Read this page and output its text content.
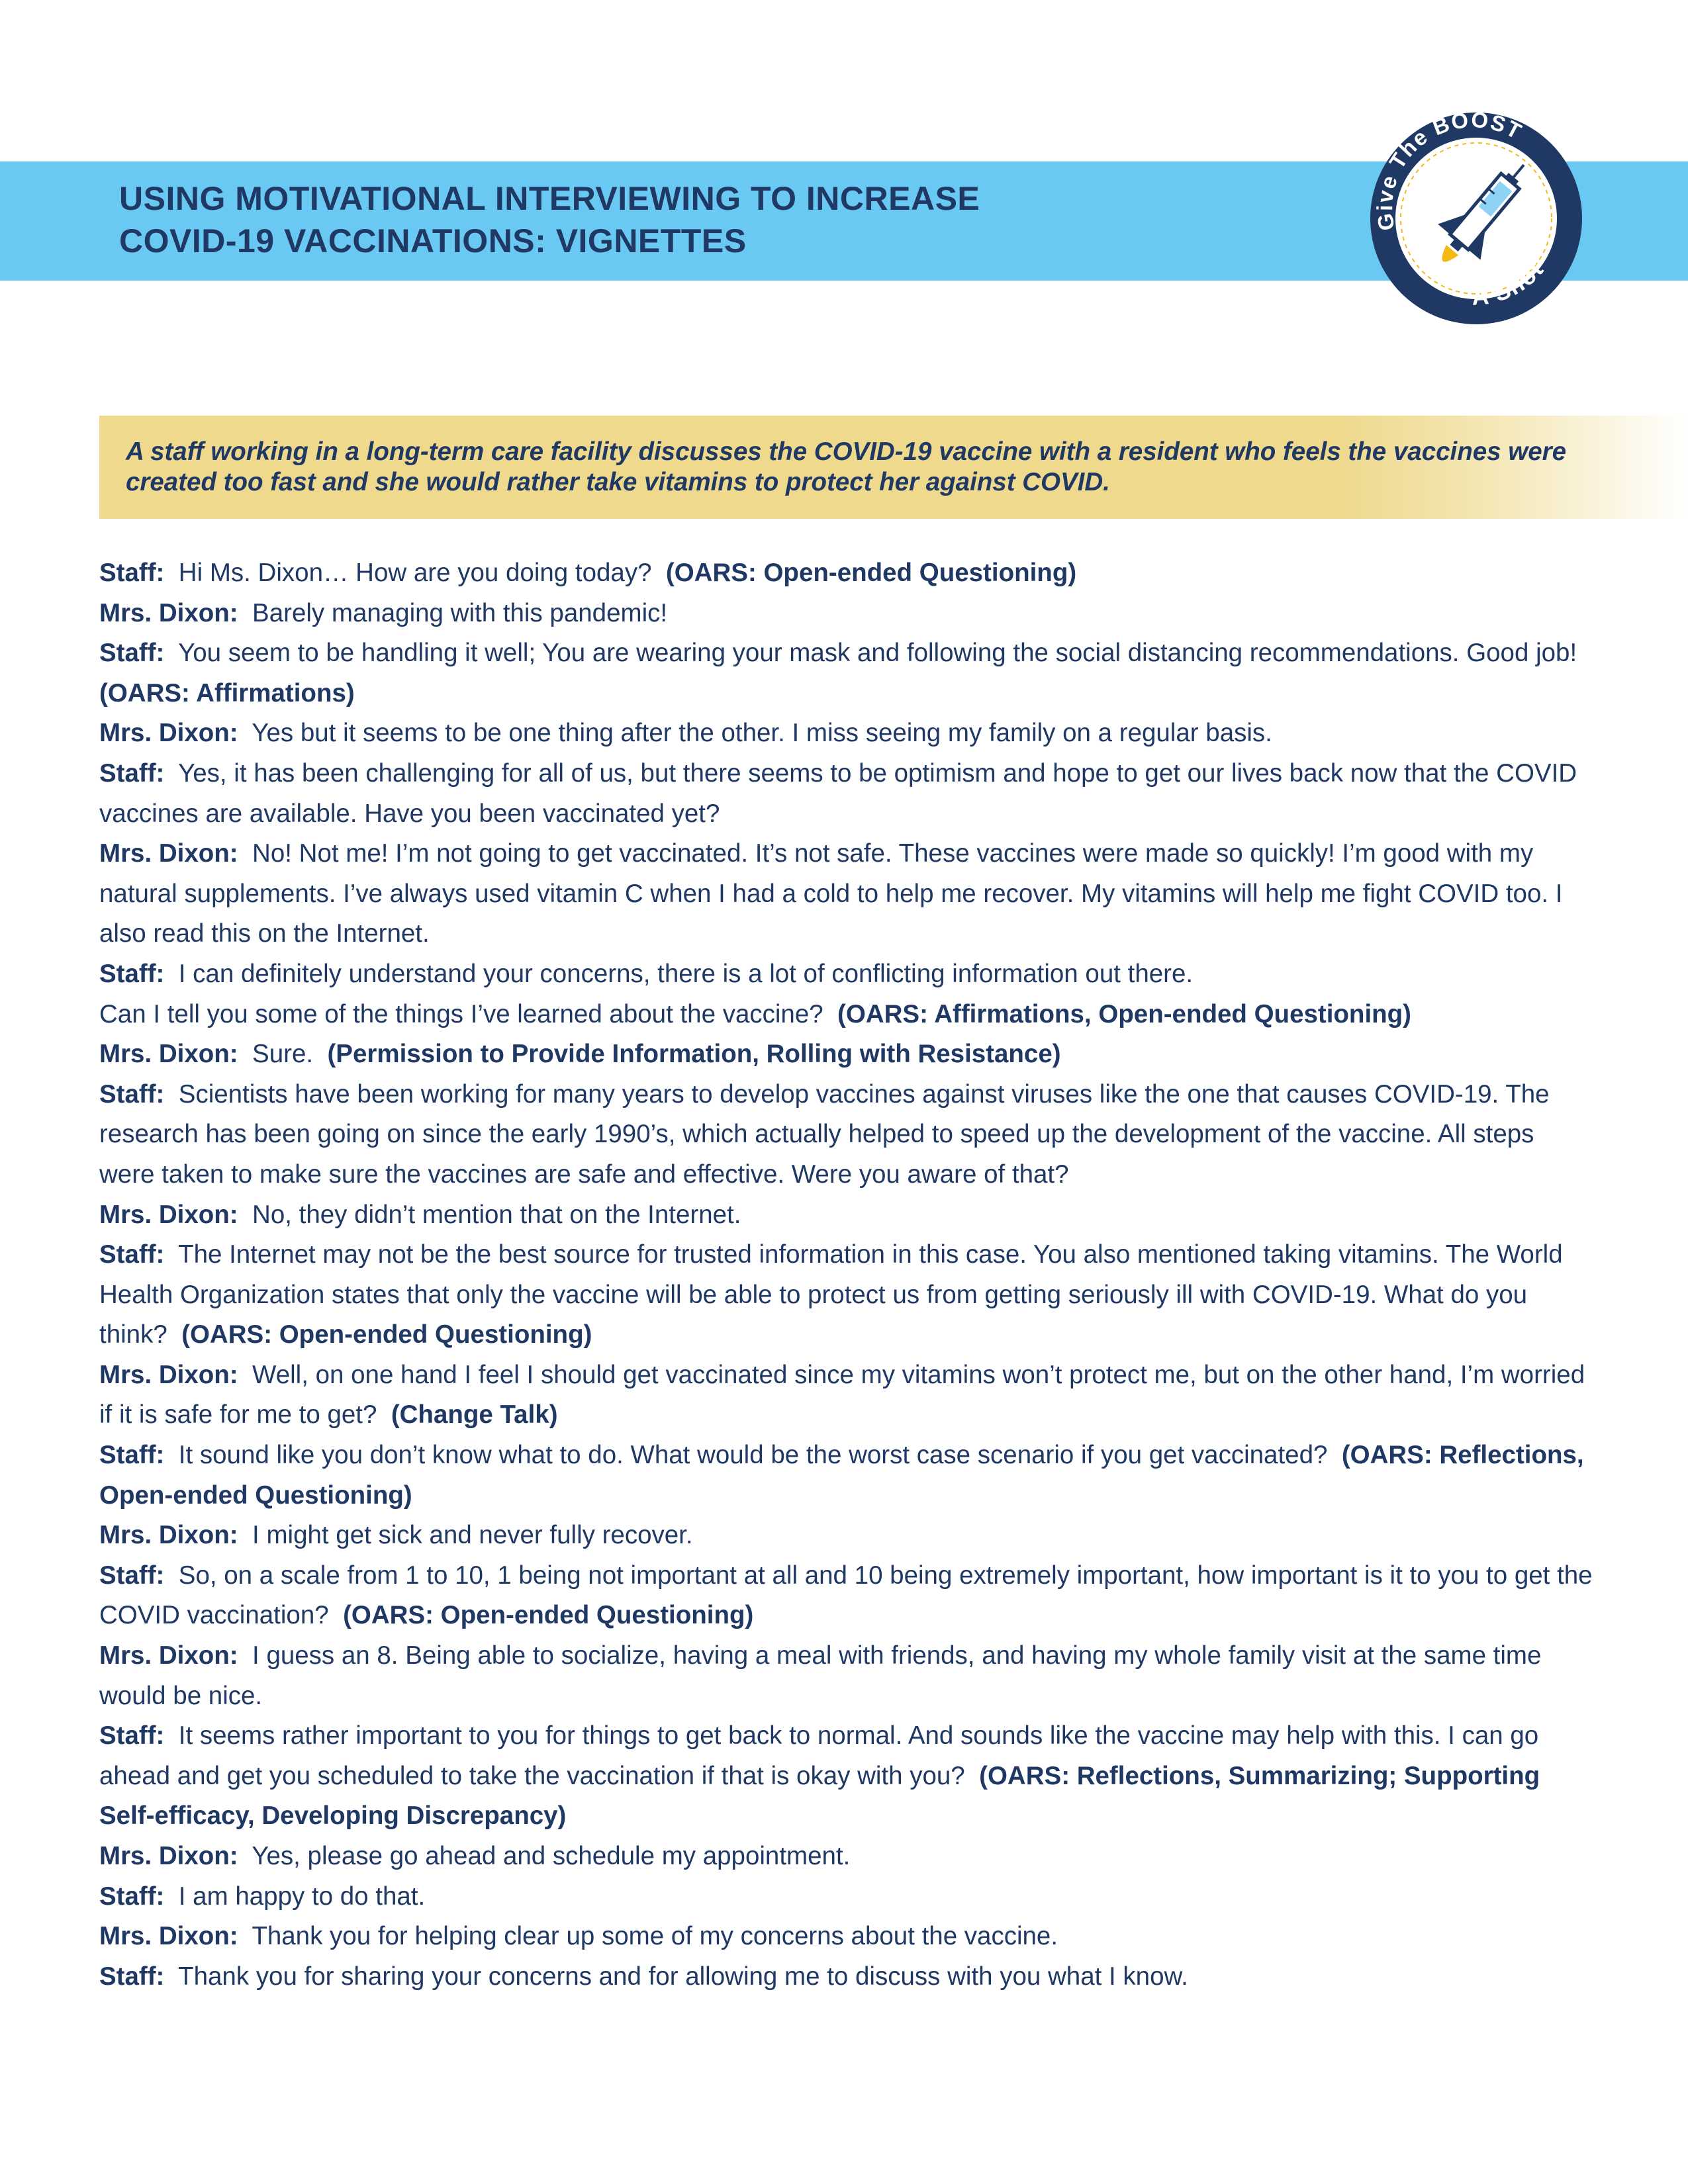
USING MOTIVATIONAL INTERVIEWING TO INCREASE
COVID-19 VACCINATIONS: VIGNETTES
Give The BOOST
A Shot
A staff working in a long-term care facility discusses the COVID-19 vaccine with a resident who feels the vaccines were created too fast and she would rather take vitamins to protect her against COVID.

Staff: Hi Ms. Dixon… How are you doing today? (OARS: Open-ended Questioning)

Mrs. Dixon: Barely managing with this pandemic!

Staff: You seem to be handling it well; You are wearing your mask and following the social distancing recommendations. Good job!  (OARS: Affirmations)

Mrs. Dixon: Yes but it seems to be one thing after the other. I miss seeing my family on a regular basis.

Staff: Yes, it has been challenging for all of us, but there seems to be optimism and hope to get our lives back now that the COVID vaccines are available. Have you been vaccinated yet?

Mrs. Dixon: No! Not me! I’m not going to get vaccinated. It’s not safe. These vaccines were made so quickly! I’m good with my natural supplements. I’ve always used vitamin C when I had a cold to help me recover. My vitamins will help me fight COVID too. I also read this on the Internet.

Staff: I can definitely understand your concerns, there is a lot of conflicting information out there.

Can I tell you some of the things I’ve learned about the vaccine? (OARS: Affirmations, Open-ended Questioning)

Mrs. Dixon: Sure. (Permission to Provide Information, Rolling with Resistance)

Staff: Scientists have been working for many years to develop vaccines against viruses like the one that causes COVID-19. The research has been going on since the early 1990’s, which actually helped to speed up the development of the vaccine. All steps were taken to make sure the vaccines are safe and effective. Were you aware of that?

Mrs. Dixon: No, they didn’t mention that on the Internet.

Staff: The Internet may not be the best source for trusted information in this case. You also mentioned taking vitamins. The World Health Organization states that only the vaccine will be able to protect us from getting seriously ill with COVID-19. What do you think? (OARS: Open-ended Questioning)

Mrs. Dixon: Well, on one hand I feel I should get vaccinated since my vitamins won’t protect me, but on the other hand, I’m worried if it is safe for me to get? (Change Talk)

Staff: It sound like you don’t know what to do. What would be the worst case scenario if you get vaccinated? (OARS: Reflections, Open-ended Questioning)

Mrs. Dixon: I might get sick and never fully recover.

Staff: So, on a scale from 1 to 10, 1 being not important at all and 10 being extremely important, how important is it to you to get the COVID vaccination? (OARS: Open-ended Questioning)

Mrs. Dixon: I guess an 8. Being able to socialize, having a meal with friends, and having my whole family visit at the same time would be nice.

Staff: It seems rather important to you for things to get back to normal. And sounds like the vaccine may help with this. I can go ahead and get you scheduled to take the vaccination if that is okay with you? (OARS: Reflections, Summarizing; Supporting Self-efficacy, Developing Discrepancy)

Mrs. Dixon: Yes, please go ahead and schedule my appointment.

Staff: I am happy to do that.

Mrs. Dixon: Thank you for helping clear up some of my concerns about the vaccine.

Staff: Thank you for sharing your concerns and for allowing me to discuss with you what I know.
